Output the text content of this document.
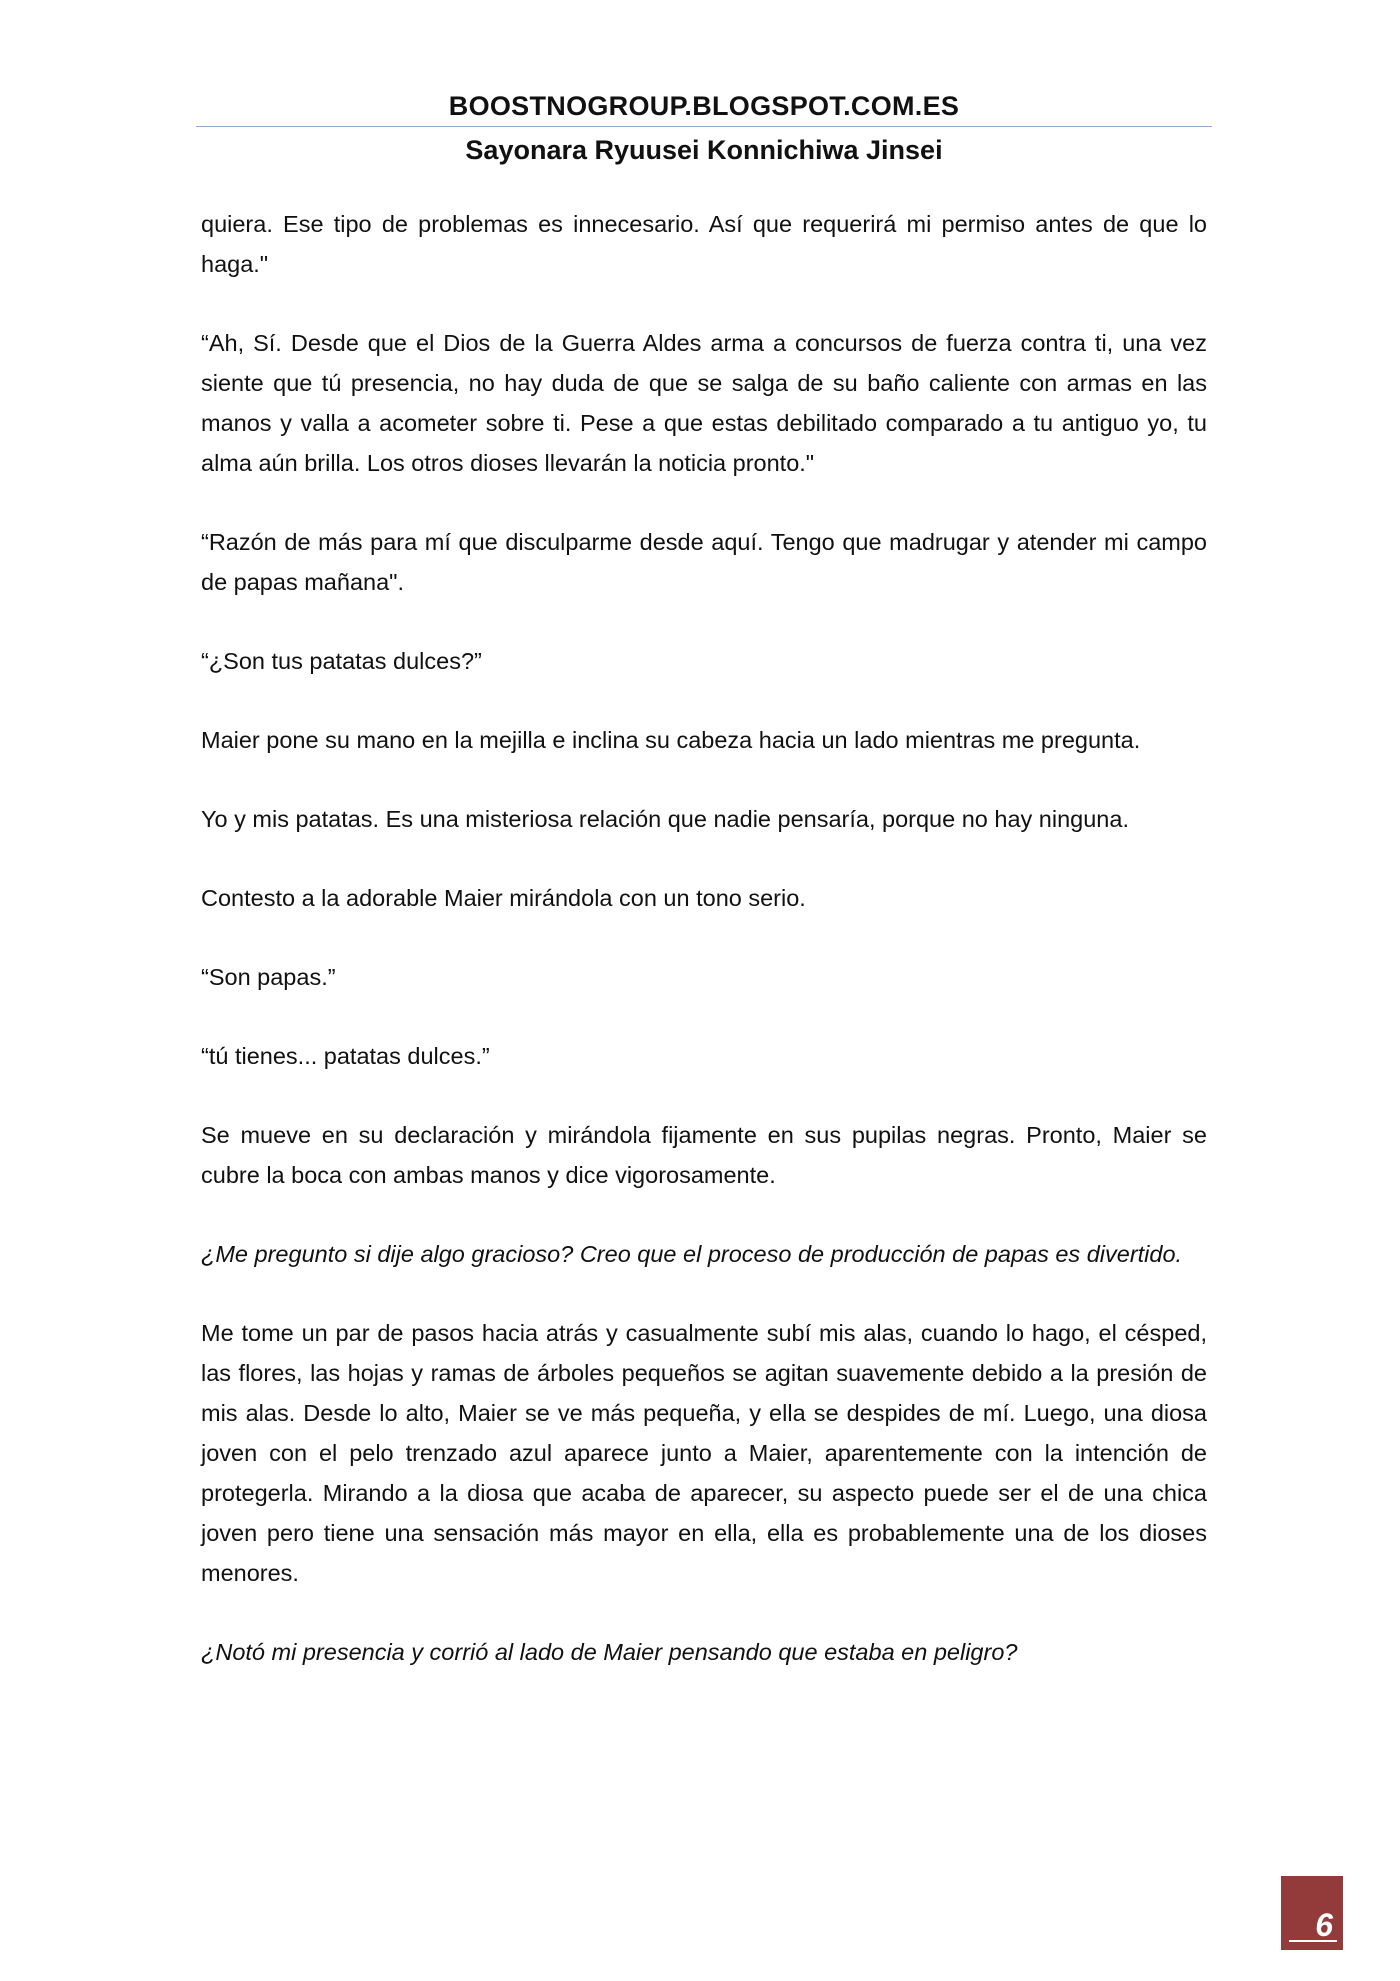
BOOSTNOGROUP.BLOGSPOT.COM.ES
Sayonara Ryuusei Konnichiwa Jinsei

quiera. Ese tipo de problemas es innecesario. Así que requerirá mi permiso antes de que lo haga."

“Ah, Sí. Desde que el Dios de la Guerra Aldes arma a concursos de fuerza contra ti, una vez siente que tú presencia, no hay duda de que se salga de su baño caliente con armas en las manos y valla a acometer sobre ti. Pese a que estas debilitado comparado a tu antiguo yo, tu alma aún brilla. Los otros dioses llevarán la noticia pronto."

“Razón de más para mí que disculparme desde aquí. Tengo que madrugar y atender mi campo de papas mañana".

“¿Son tus patatas dulces?”

Maier pone su mano en la mejilla e inclina su cabeza hacia un lado mientras me pregunta.

Yo y mis patatas. Es una misteriosa relación que nadie pensaría, porque no hay ninguna.

Contesto a la adorable Maier mirándola con un tono serio.

“Son papas.”

“tú tienes... patatas dulces.”

Se mueve en su declaración y mirándola fijamente en sus pupilas negras. Pronto, Maier se cubre la boca con ambas manos y dice vigorosamente.

¿Me pregunto si dije algo gracioso? Creo que el proceso de producción de papas es divertido.

Me tome un par de pasos hacia atrás y casualmente subí mis alas, cuando lo hago, el césped, las flores, las hojas y ramas de árboles pequeños se agitan suavemente debido a la presión de mis alas. Desde lo alto, Maier se ve más pequeña, y ella se despides de mí. Luego, una diosa joven con el pelo trenzado azul aparece junto a Maier, aparentemente con la intención de protegerla. Mirando a la diosa que acaba de aparecer, su aspecto puede ser el de una chica joven pero tiene una sensación más mayor en ella, ella es probablemente una de los dioses menores.

¿Notó mi presencia y corrió al lado de Maier pensando que estaba en peligro?

6
